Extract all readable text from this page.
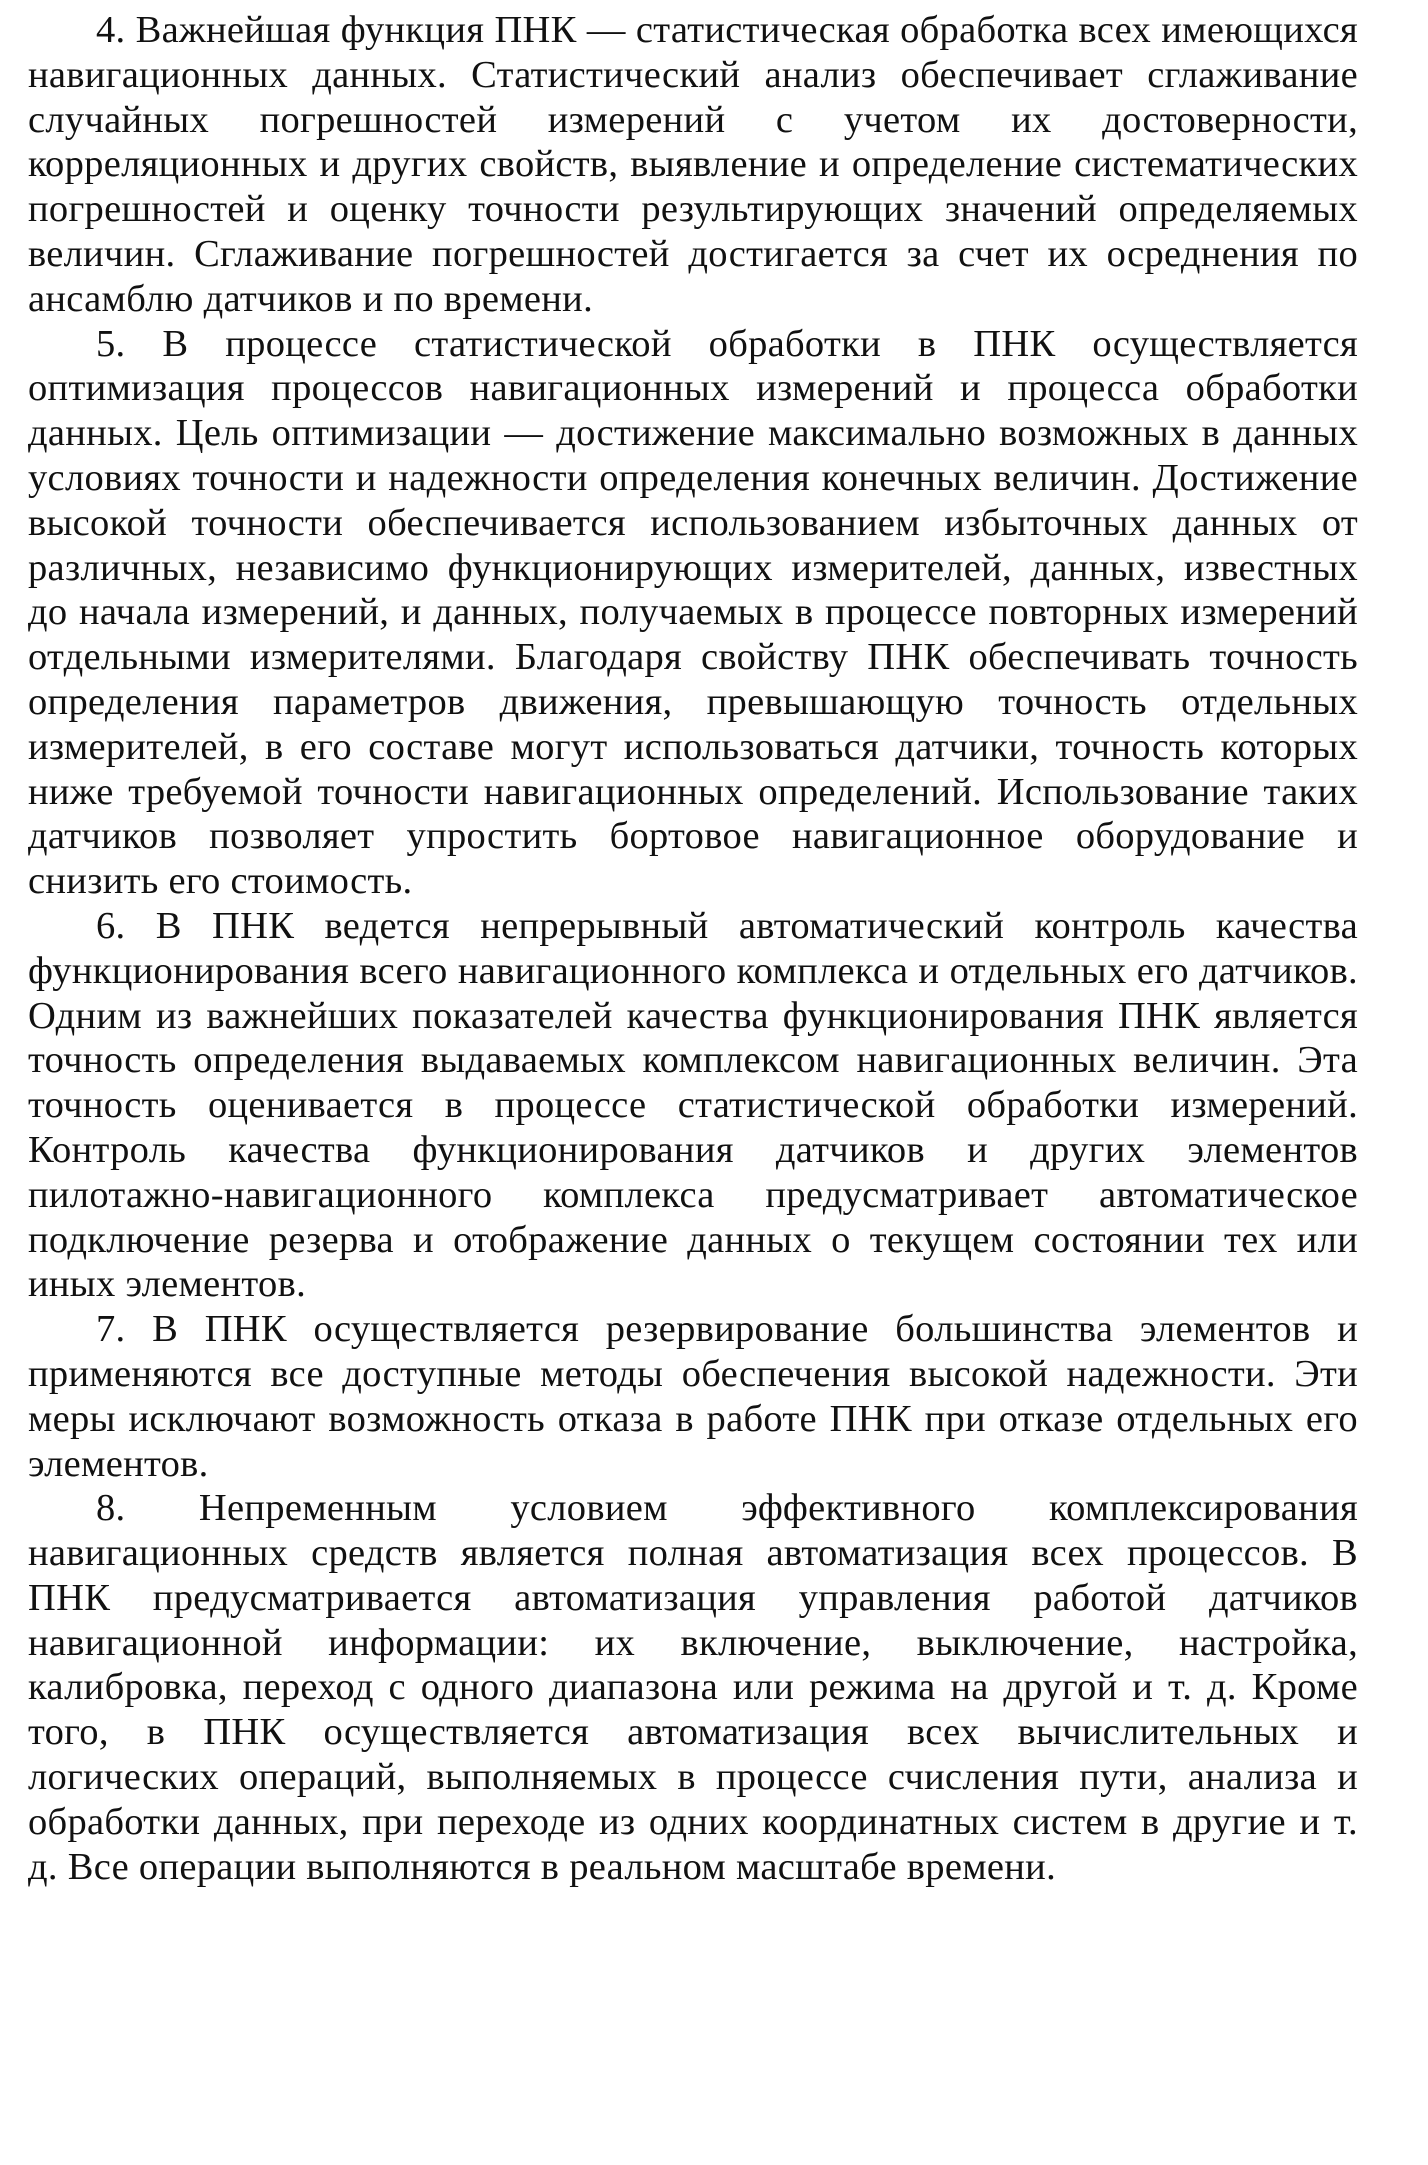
4. Важнейшая функция ПНК — статистическая обработка всех имеющихся навигационных данных. Статистический анализ обеспечивает сглаживание случайных погрешностей измерений с учетом их достоверности, корреляционных и других свойств, выявление и определение систематических погрешностей и оценку точности результирующих значений определяемых величин. Сглаживание погрешностей достигается за счет их осреднения по ансамблю датчиков и по времени.

5. В процессе статистической обработки в ПНК осуществляется оптимизация процессов навигационных измерений и процесса обработки данных. Цель оптимизации — достижение максимально возможных в данных условиях точности и надежности определения конечных величин. Достижение высокой точности обеспечивается использованием избыточных данных от различных, независимо функционирующих измерителей, данных, известных до начала измерений, и данных, получаемых в процессе повторных измерений отдельными измерителями. Благодаря свойству ПНК обеспечивать точность определения параметров движения, превышающую точность отдельных измерителей, в его составе могут использоваться датчики, точность которых ниже требуемой точности навигационных определений. Использование таких датчиков позволяет упростить бортовое навигационное оборудование и снизить его стоимость.

6. В ПНК ведется непрерывный автоматический контроль качества функционирования всего навигационного комплекса и отдельных его датчиков. Одним из важнейших показателей качества функционирования ПНК является точность определения выдаваемых комплексом навигационных величин. Эта точность оценивается в процессе статистической обработки измерений. Контроль качества функционирования датчиков и других элементов пилотажно-навигационного комплекса предусматривает автоматическое подключение резерва и отображение данных о текущем состоянии тех или иных элементов.

7. В ПНК осуществляется резервирование большинства элементов и применяются все доступные методы обеспечения высокой надежности. Эти меры исключают возможность отказа в работе ПНК при отказе отдельных его элементов.

8. Непременным условием эффективного комплексирования навигационных средств является полная автоматизация всех процессов. В ПНК предусматривается автоматизация управления работой датчиков навигационной информации: их включение, выключение, настройка, калибровка, переход с одного диапазона или режима на другой и т. д. Кроме того, в ПНК осуществляется автоматизация всех вычислительных и логических операций, выполняемых в процессе счисления пути, анализа и обработки данных, при переходе из одних координатных систем в другие и т. д. Все операции выполняются в реальном масштабе времени.
